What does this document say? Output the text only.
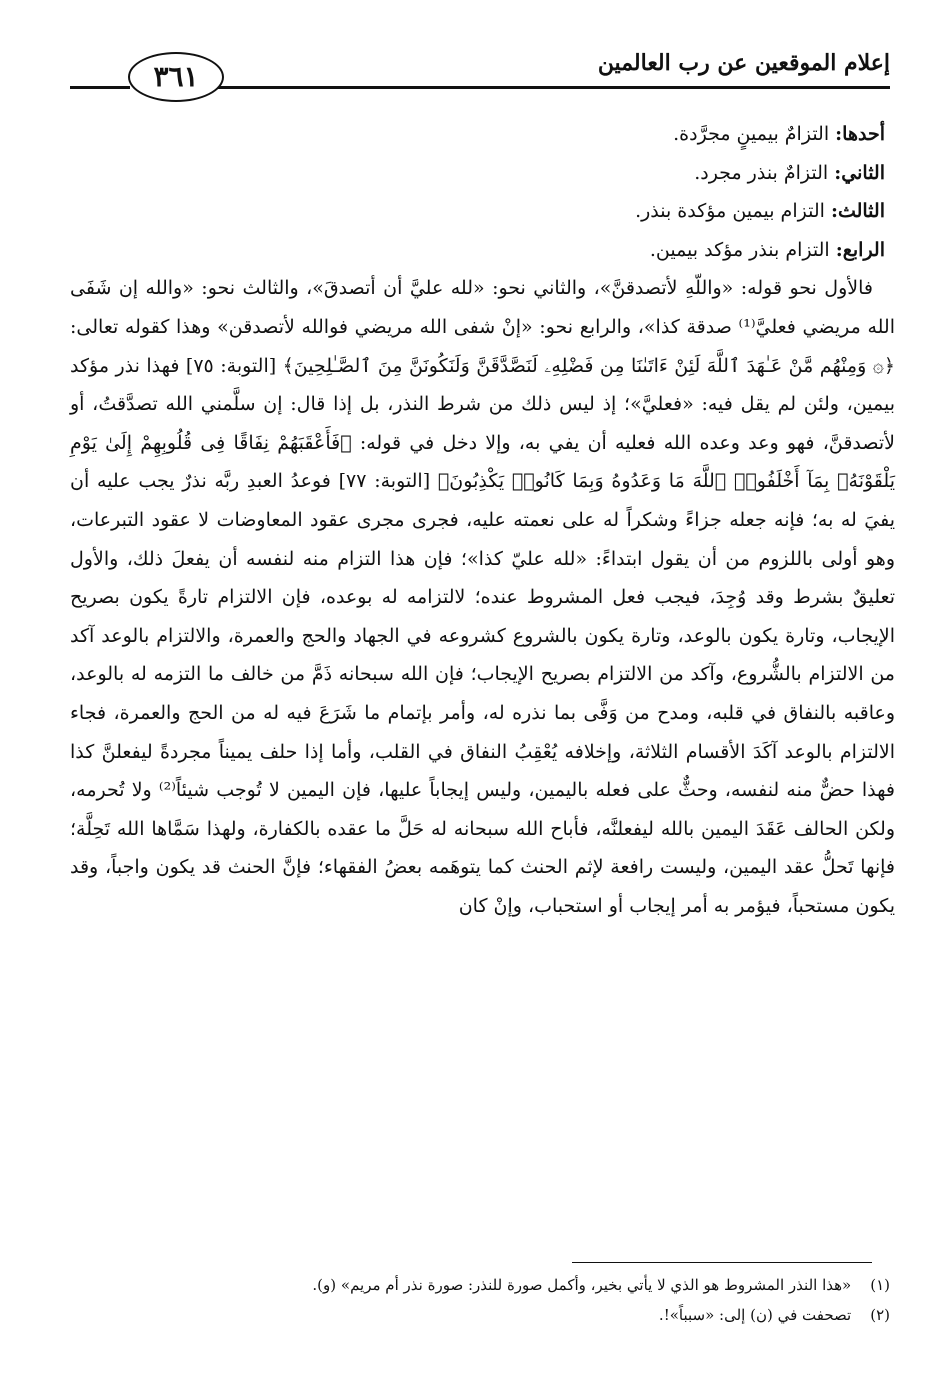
إعلام الموقعين عن رب العالمين
٣٦١

أحدها: التزامٌ بيمينٍ مجرَّدة.

الثاني: التزامٌ بنذر مجرد.

الثالث: التزام بيمين مؤكدة بنذر.

الرابع: التزام بنذر مؤكد بيمين.

فالأول نحو قوله: «واللّهِ لأتصدقنَّ»، والثاني نحو: «لله عليَّ أن أتصدقَ»، والثالث نحو: «والله إن شَفَى الله مريضي فعليَّ⁽¹⁾ صدقة كذا»، والرابع نحو: «إنْ شفى الله مريضي فوالله لأتصدقن» وهذا كقوله تعالى: ﴿۞ وَمِنْهُم مَّنْ عَـٰهَدَ ٱللَّهَ لَئِنْ ءَاتَىٰنَا مِن فَضْلِهِۦ لَنَصَّدَّقَنَّ وَلَنَكُونَنَّ مِنَ ٱلصَّـٰلِحِينَ﴾ [التوبة: ٧٥] فهذا نذر مؤكد بيمين، ولئن لم يقل فيه: «فعليَّ»؛ إذ ليس ذلك من شرط النذر، بل إذا قال: إن سلَّمني الله تصدَّقتُ، أو لأتصدقنَّ، فهو وعد وعده الله فعليه أن يفي به، وإلا دخل في قوله: ﴿فَأَعْقَبَهُمْ نِفَاقًا فِى قُلُوبِهِمْ إِلَىٰ يَوْمِ يَلْقَوْنَهُۥ بِمَآ أَخْلَفُوا۟ ٱللَّهَ مَا وَعَدُوهُ وَبِمَا كَانُوا۟ يَكْذِبُونَ﴾ [التوبة: ٧٧] فوعدُ العبدِ ربَّه نذرٌ يجب عليه أن يفيَ له به؛ فإنه جعله جزاءً وشكراً له على نعمته عليه، فجرى مجرى عقود المعاوضات لا عقود التبرعات، وهو أولى باللزوم من أن يقول ابتداءً: «لله عليّ كذا»؛ فإن هذا التزام منه لنفسه أن يفعلَ ذلك، والأول تعليقٌ بشرط وقد وُجِدَ، فيجب فعل المشروط عنده؛ لالتزامه له بوعده، فإن الالتزام تارةً يكون بصريح الإيجاب، وتارة يكون بالوعد، وتارة يكون بالشروع كشروعه في الجهاد والحج والعمرة، والالتزام بالوعد آكد من الالتزام بالشُّروع، وآكد من الالتزام بصريح الإيجاب؛ فإن الله سبحانه ذَمَّ من خالف ما التزمه له بالوعد، وعاقبه بالنفاق في قلبه، ومدح من وَفَّى بما نذره له، وأمر بإتمام ما شَرَعَ فيه له من الحج والعمرة، فجاء الالتزام بالوعد آكَدَ الأقسام الثلاثة، وإخلافه يُعْقِبُ النفاق في القلب، وأما إذا حلف يميناً مجردةً ليفعلنَّ كذا فهذا حضٌّ منه لنفسه، وحثٌّ على فعله باليمين، وليس إيجاباً عليها، فإن اليمين لا تُوجب شيئاً⁽²⁾ ولا تُحرمه، ولكن الحالف عَقَدَ اليمين بالله ليفعلنَّه، فأباح الله سبحانه له حَلَّ ما عقده بالكفارة، ولهذا سَمَّاها الله تَحِلَّة؛ فإنها تَحلُّ عقد اليمين، وليست رافعة لإثم الحنث كما يتوهَمه بعضُ الفقهاء؛ فإنَّ الحنث قد يكون واجباً، وقد يكون مستحباً، فيؤمر به أمر إيجاب أو استحباب، وإنْ كان

(١) «هذا النذر المشروط هو الذي لا يأتي بخير، وأكمل صورة للنذر: صورة نذر أم مريم» (و).

(٢) تصحفت في (ن) إلى: «سبباً»!.
